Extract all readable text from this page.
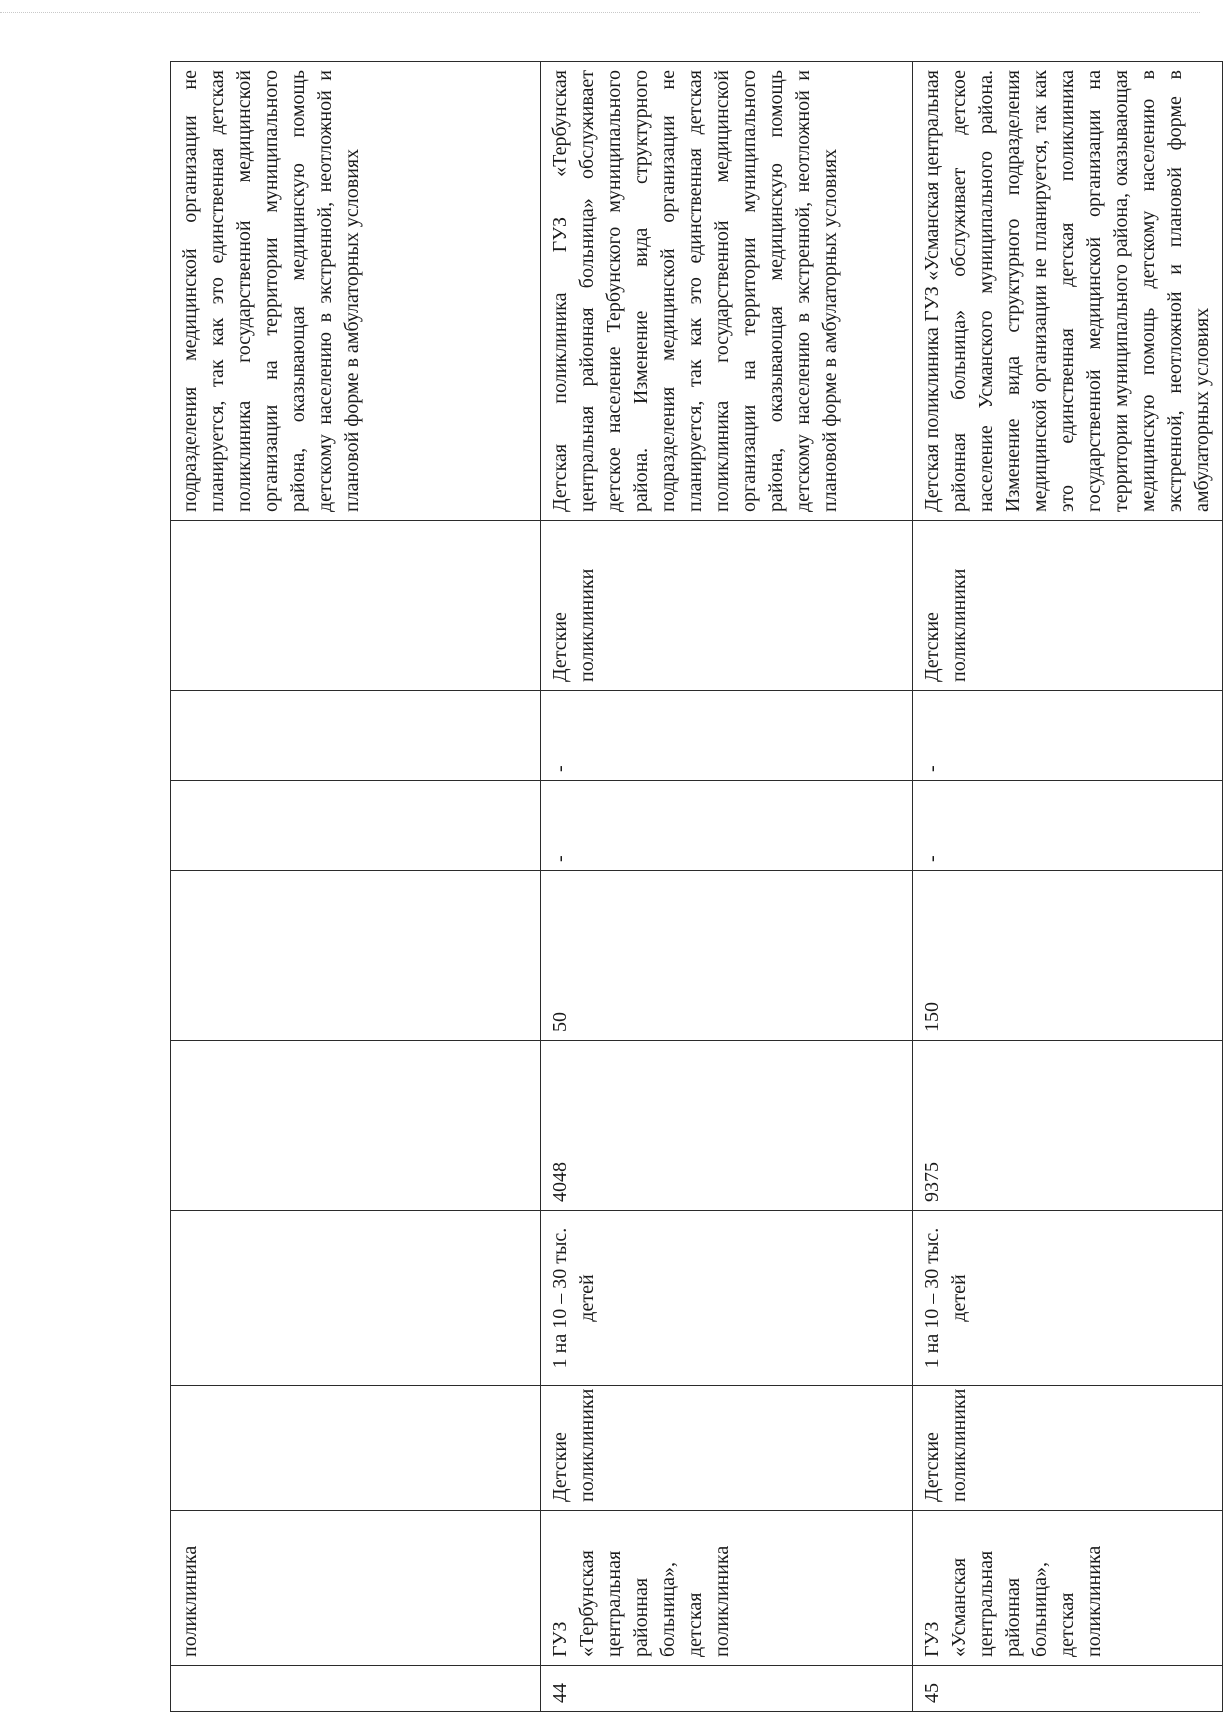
	поликлиника								подразделения медицинской организации не планируется, так как это единственная детская поликлиника государственной медицинской организации на территории муниципального района, оказывающая медицинскую помощь детскому населению в экстренной, неотложной и плановой форме в амбулаторных условиях
44	ГУЗ «Тербунская центральная районная больница», детская поликлиника	Детские поликлиники	1 на 10 – 30 тыс. детей	4048	50	-	-	Детские поликлиники	Детская поликлиника ГУЗ «Тербунская центральная районная больница» обслуживает детское население Тербунского муниципального района. Изменение вида структурного подразделения медицинской организации не планируется, так как это единственная детская поликлиника государственной медицинской организации на территории муниципального района, оказывающая медицинскую помощь детскому населению в экстренной, неотложной и плановой форме в амбулаторных условиях
45	ГУЗ «Усманская центральная районная больница», детская поликлиника	Детские поликлиники	1 на 10 – 30 тыс. детей	9375	150	-	-	Детские поликлиники	Детская поликлиника ГУЗ «Усманская центральная районная больница» обслуживает детское население Усманского муниципального района. Изменение вида структурного подразделения медицинской организации не планируется, так как это единственная детская поликлиника государственной медицинской организации на территории муниципального района, оказывающая медицинскую помощь детскому населению в экстренной, неотложной и плановой форме в амбулаторных условиях
